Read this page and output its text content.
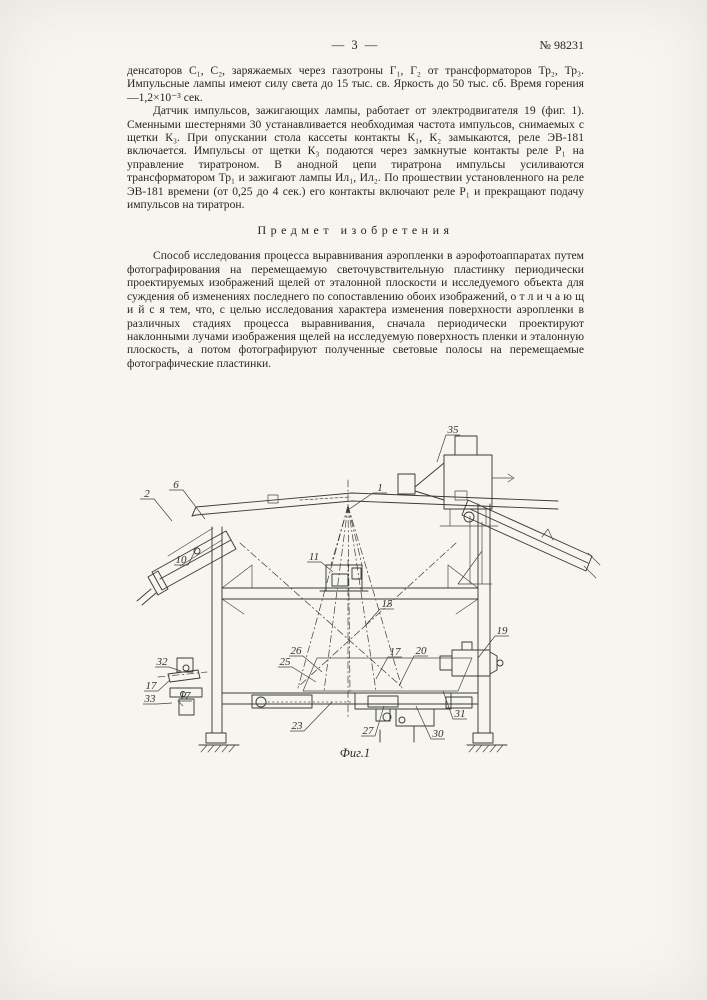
— 3 —	№ 98231

денсаторов С₁, С₂, заряжаемых через газотроны Г₁, Г₂ от трансформаторов Тр₂, Тр₃. Импульсные лампы имеют силу света до 15 тыс. св. Яркость до 50 тыс. сб. Время горения—1,2×10⁻³ сек.

Датчик импульсов, зажигающих лампы, работает от электродвигателя 19 (фиг. 1). Сменными шестернями 30 устанавливается необходимая частота импульсов, снимаемых с щетки К₃. При опускании стола кассеты контакты К₁, К₂ замыкаются, реле ЭВ-181 включается. Импульсы от щетки К₃ подаются через замкнутые контакты реле Р₁ на управление тиратроном. В анодной цепи тиратрона импульсы усиливаются трансформатором Тр₁ и зажигают лампы Ил₁, Ил₂. По прошествии установленного на реле ЭВ-181 времени (от 0,25 до 4 сек.) его контакты включают реле Р₁ и прекращают подачу импульсов на тиратрон.

Предмет изобретения

Способ исследования процесса выравнивания аэропленки в аэрофотоаппаратах путем фотографирования на перемещаемую светочувствительную пластинку периодически проектируемых изображений щелей от эталонной плоскости и исследуемого объекта для суждения об изменениях последнего по сопоставлению обоих изображений, о т л и ч а ю щ и й с я тем, что, с целью исследования характера изменения поверхности аэропленки в различных стадиях процесса выравнивания, сначала периодически проектируют наклонными лучами изображения щелей на исследуемую поверхность пленки и эталонную плоскость, а потом фотографируют полученные световые полосы на перемещаемые фотографические пластинки.

2
6	1
35
10	11
15
19
32
17
33 17
26
25
17 20
23	27	30
31
Фиг.1
